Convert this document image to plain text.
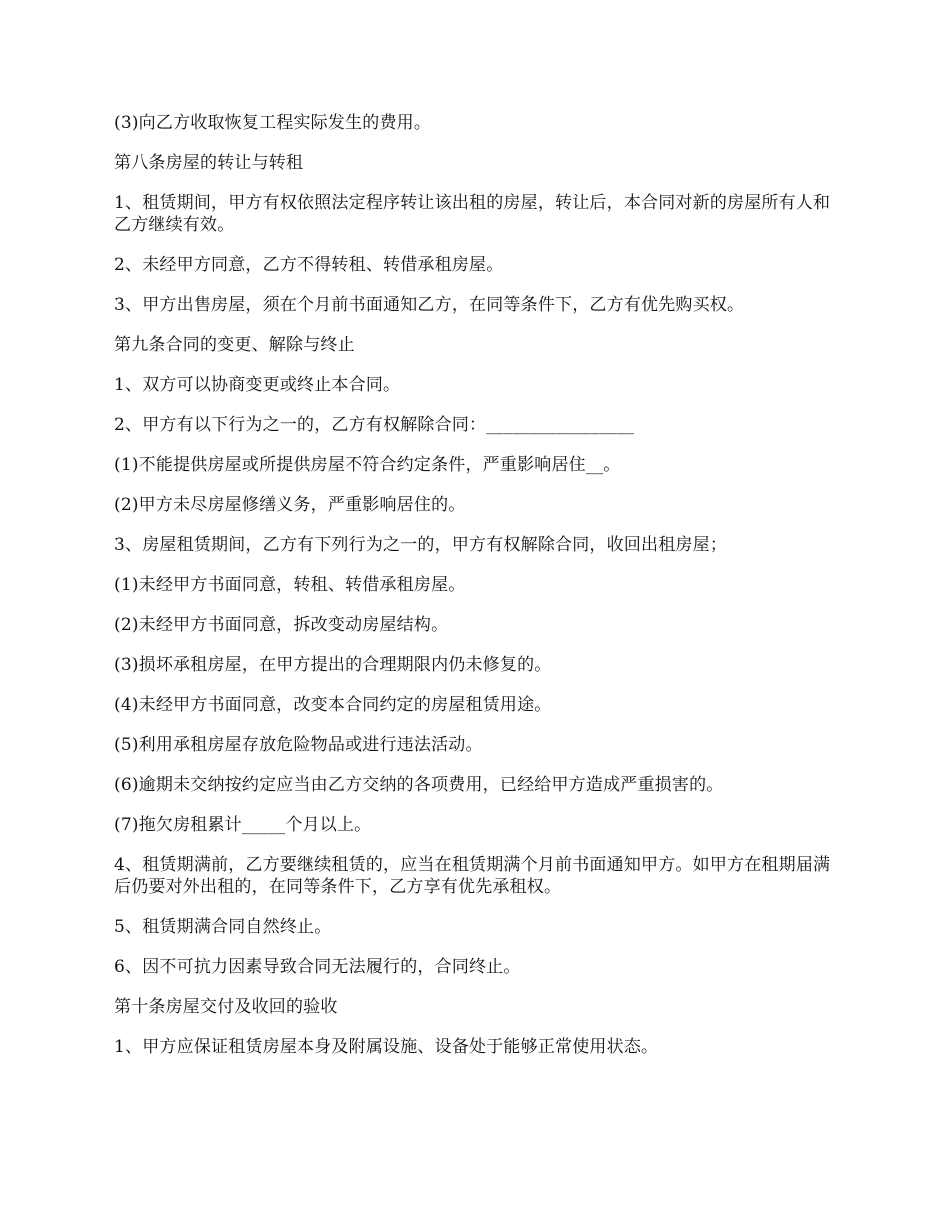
(3)向乙方收取恢复工程实际发生的费用。

第八条房屋的转让与转租

1、租赁期间，甲方有权依照法定程序转让该出租的房屋，转让后，本合同对新的房屋所有人和乙方继续有效。

2、未经甲方同意，乙方不得转租、转借承租房屋。

3、甲方出售房屋，须在个月前书面通知乙方，在同等条件下，乙方有优先购买权。

第九条合同的变更、解除与终止

1、双方可以协商变更或终止本合同。

2、甲方有以下行为之一的，乙方有权解除合同：_________________

(1)不能提供房屋或所提供房屋不符合约定条件，严重影响居住__。

(2)甲方未尽房屋修缮义务，严重影响居住的。

3、房屋租赁期间，乙方有下列行为之一的，甲方有权解除合同，收回出租房屋；

(1)未经甲方书面同意，转租、转借承租房屋。

(2)未经甲方书面同意，拆改变动房屋结构。

(3)损坏承租房屋，在甲方提出的合理期限内仍未修复的。

(4)未经甲方书面同意，改变本合同约定的房屋租赁用途。

(5)利用承租房屋存放危险物品或进行违法活动。

(6)逾期未交纳按约定应当由乙方交纳的各项费用，已经给甲方造成严重损害的。

(7)拖欠房租累计_____个月以上。

4、租赁期满前，乙方要继续租赁的，应当在租赁期满个月前书面通知甲方。如甲方在租期届满后仍要对外出租的，在同等条件下，乙方享有优先承租权。

5、租赁期满合同自然终止。

6、因不可抗力因素导致合同无法履行的，合同终止。

第十条房屋交付及收回的验收

1、甲方应保证租赁房屋本身及附属设施、设备处于能够正常使用状态。
